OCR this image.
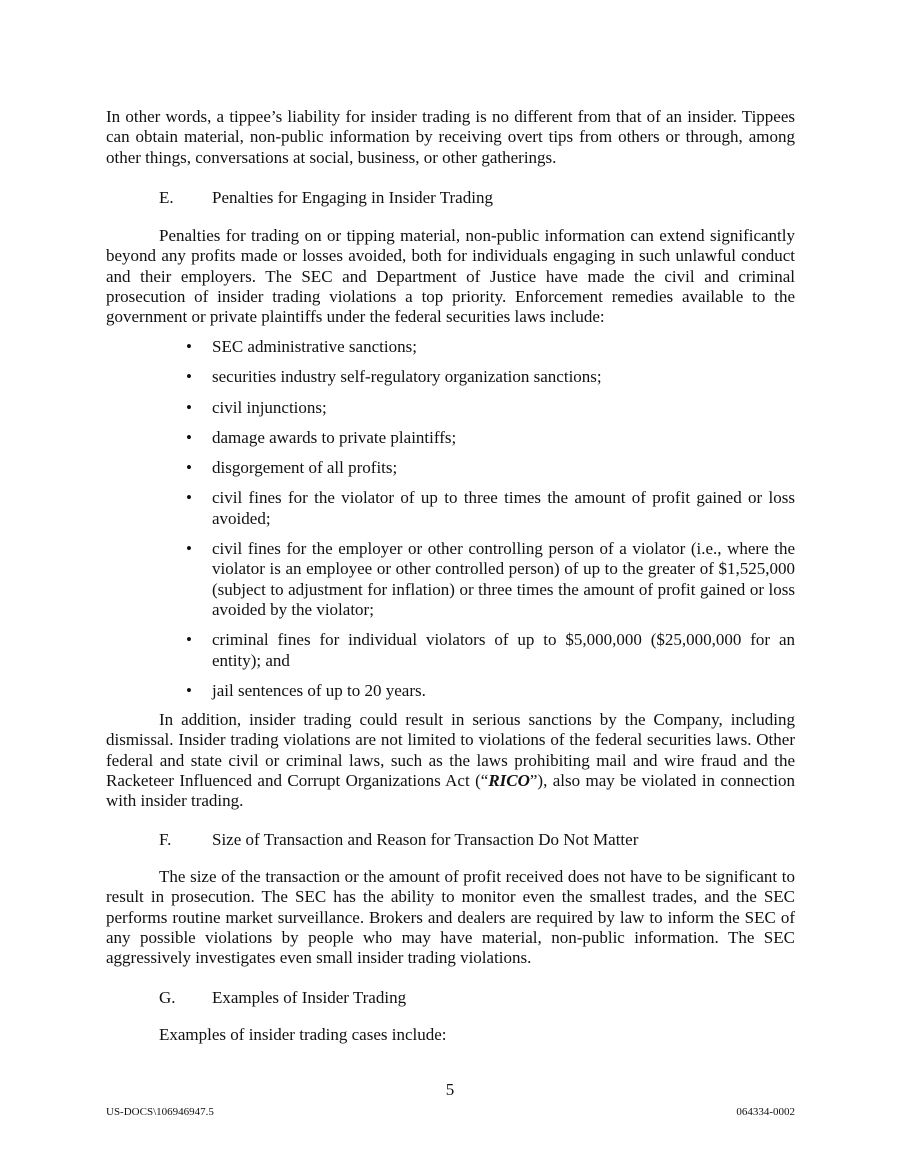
In other words, a tippee’s liability for insider trading is no different from that of an insider. Tippees can obtain material, non-public information by receiving overt tips from others or through, among other things, conversations at social, business, or other gatherings.

E. Penalties for Engaging in Insider Trading

Penalties for trading on or tipping material, non-public information can extend significantly beyond any profits made or losses avoided, both for individuals engaging in such unlawful conduct and their employers. The SEC and Department of Justice have made the civil and criminal prosecution of insider trading violations a top priority. Enforcement remedies available to the government or private plaintiffs under the federal securities laws include:

• SEC administrative sanctions;
• securities industry self-regulatory organization sanctions;
• civil injunctions;
• damage awards to private plaintiffs;
• disgorgement of all profits;
• civil fines for the violator of up to three times the amount of profit gained or loss avoided;
• civil fines for the employer or other controlling person of a violator (i.e., where the violator is an employee or other controlled person) of up to the greater of $1,525,000 (subject to adjustment for inflation) or three times the amount of profit gained or loss avoided by the violator;
• criminal fines for individual violators of up to $5,000,000 ($25,000,000 for an entity); and
• jail sentences of up to 20 years.

In addition, insider trading could result in serious sanctions by the Company, including dismissal. Insider trading violations are not limited to violations of the federal securities laws. Other federal and state civil or criminal laws, such as the laws prohibiting mail and wire fraud and the Racketeer Influenced and Corrupt Organizations Act (“RICO”), also may be violated in connection with insider trading.

F. Size of Transaction and Reason for Transaction Do Not Matter

The size of the transaction or the amount of profit received does not have to be significant to result in prosecution. The SEC has the ability to monitor even the smallest trades, and the SEC performs routine market surveillance. Brokers and dealers are required by law to inform the SEC of any possible violations by people who may have material, non-public information. The SEC aggressively investigates even small insider trading violations.

G. Examples of Insider Trading

Examples of insider trading cases include:

5
US-DOCS\106946947.5	064334-0002
